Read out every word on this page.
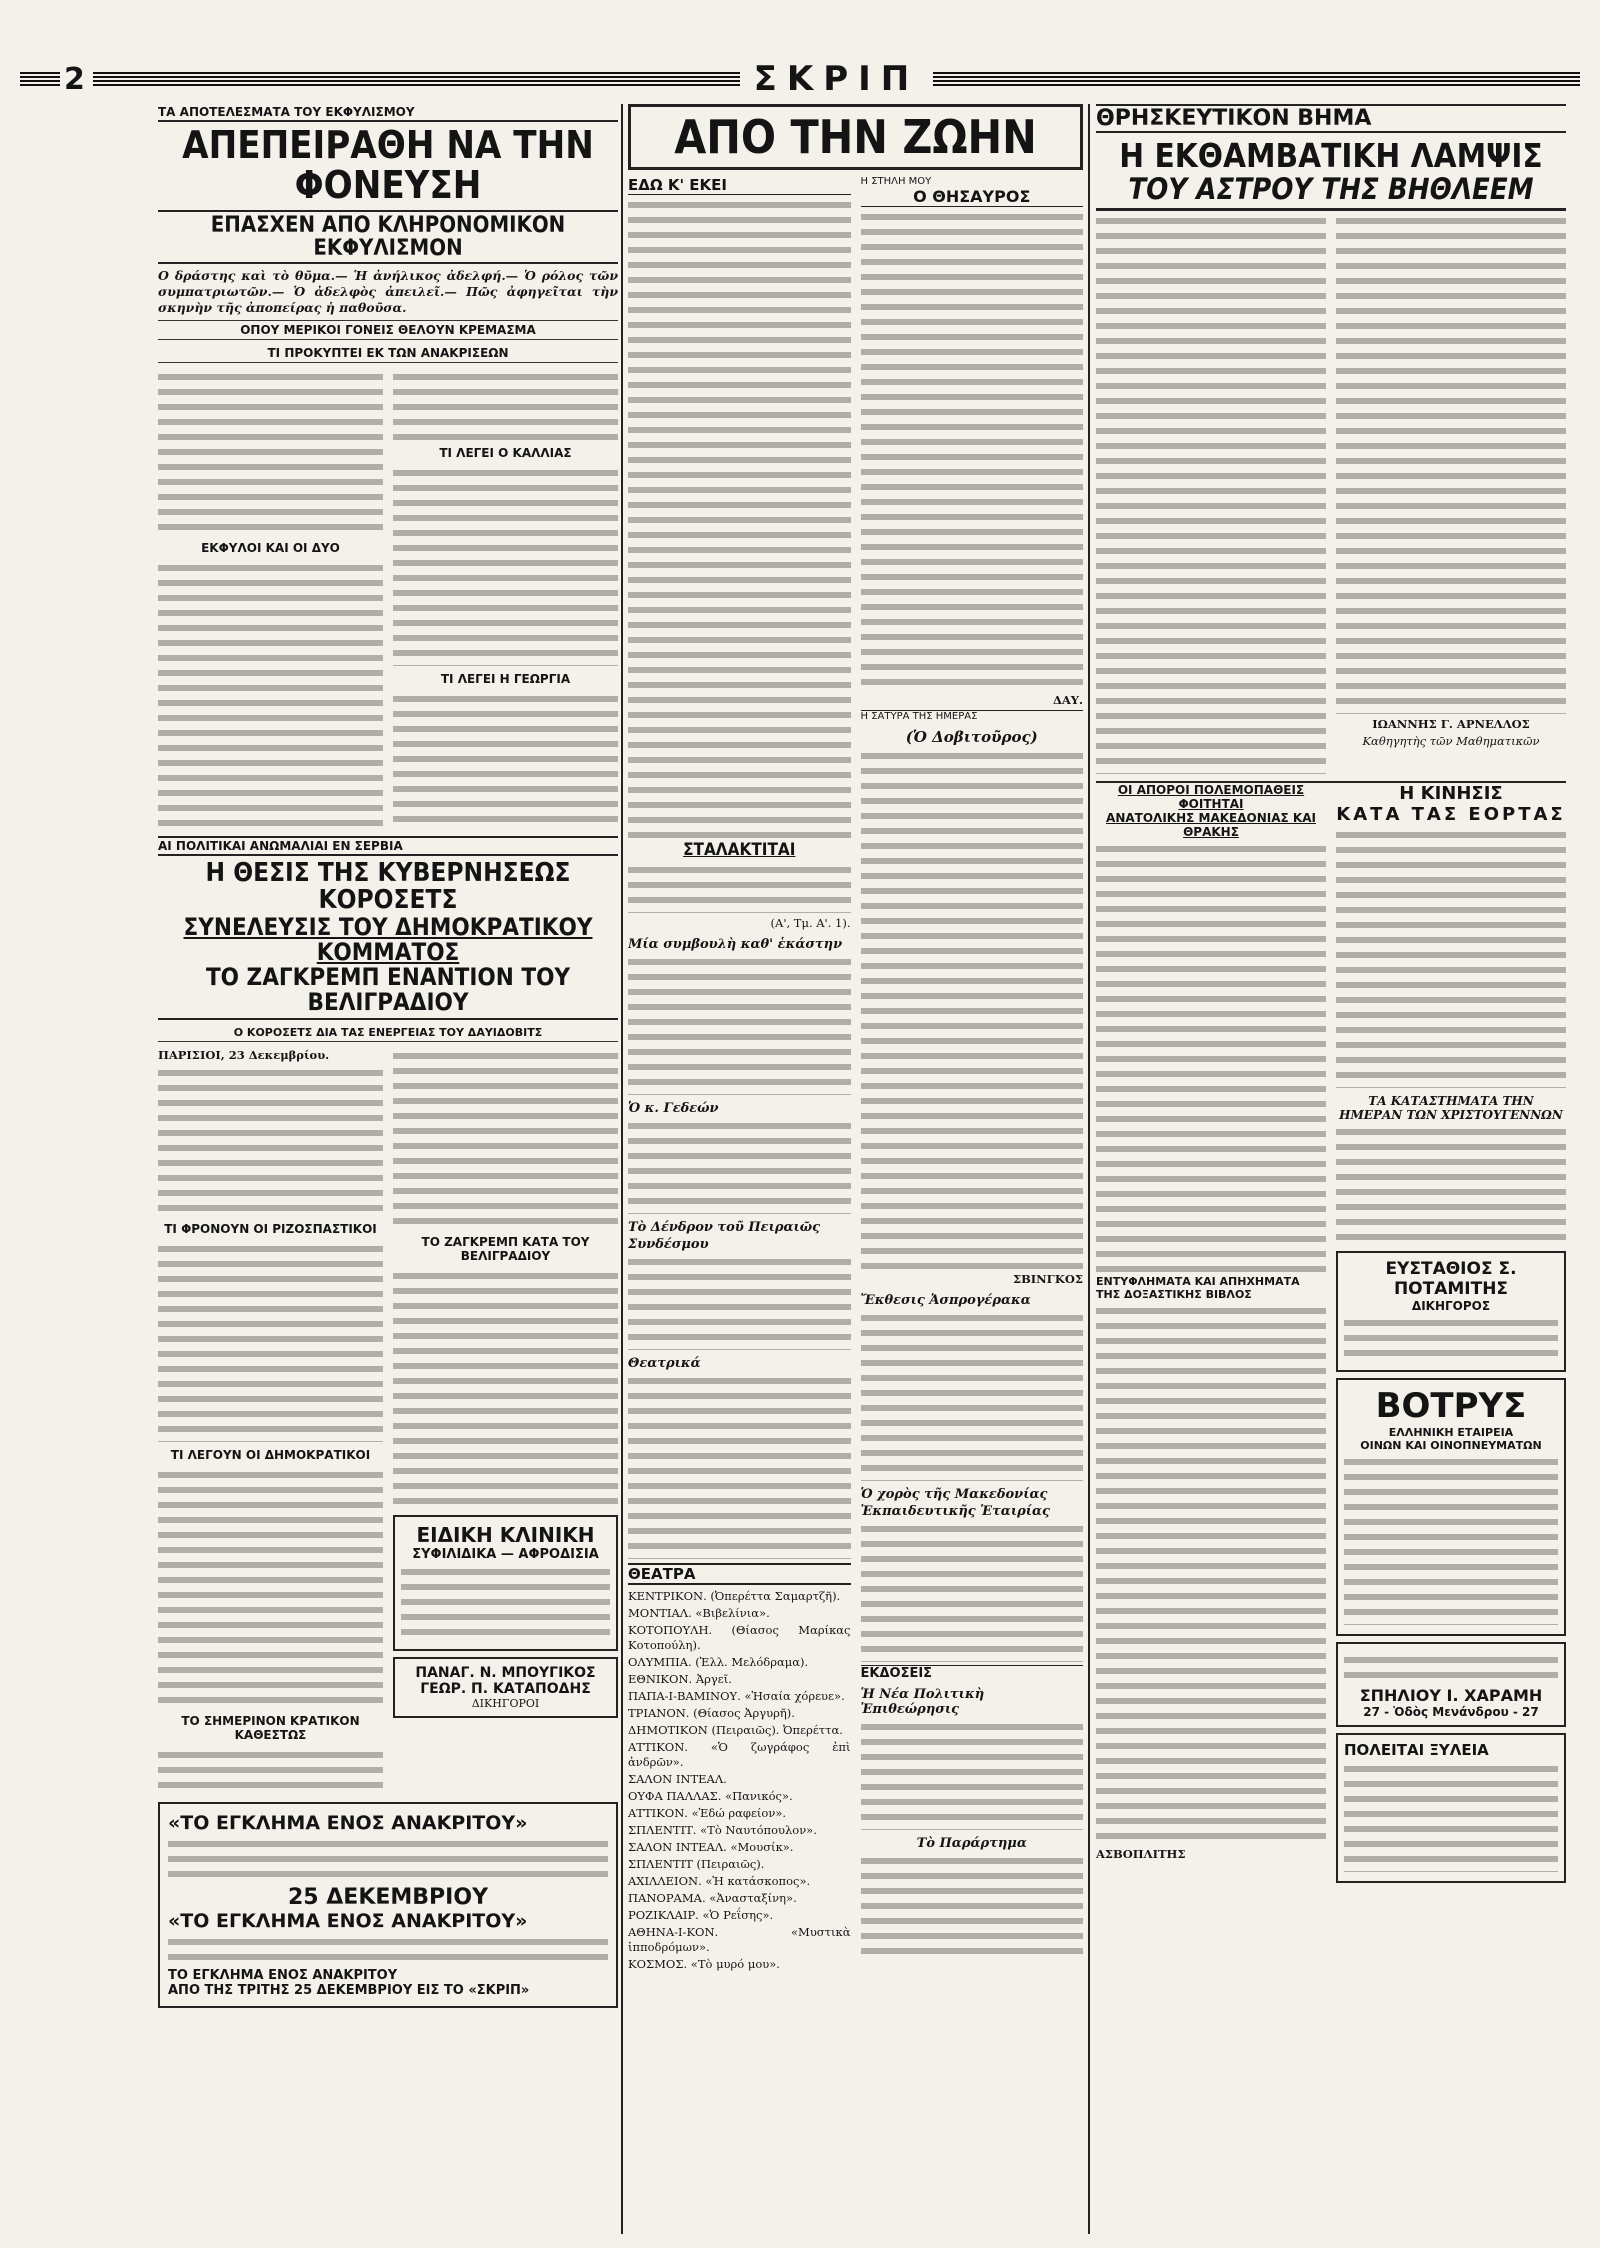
2	ΣΚΡΙΠ
ΤΑ ΑΠΟΤΕΛΕΣΜΑΤΑ ΤΟΥ ΕΚΦΥΛΙΣΜΟΥ
ΑΠΕΠΕΙΡΑΘΗ ΝΑ ΤΗΝ ΦΟΝΕΥΣΗ
ΕΠΑΣΧΕΝ ΑΠΟ ΚΛΗΡΟΝΟΜΙΚΟΝ ΕΚΦΥΛΙΣΜΟΝ
Ο δράστης καὶ τὸ θῦμα.— Ἡ ἀνήλικος ἀδελφή.— Ὁ ρόλος τῶν συμπατριωτῶν.— Ὁ ἀδελφὸς ἀπειλεῖ.— Πῶς ἀφηγεῖται τὴν σκηνὴν τῆς ἀποπείρας ἡ παθοῦσα.
ΟΠΟΥ ΜΕΡΙΚΟΙ ΓΟΝΕΙΣ ΘΕΛΟΥΝ ΚΡΕΜΑΣΜΑ
ΤΙ ΠΡΟΚΥΠΤΕΙ ΕΚ ΤΩΝ ΑΝΑΚΡΙΣΕΩΝ
ΕΚΦΥΛΟΙ ΚΑΙ ΟΙ ΔΥΟ
ΤΙ ΛΕΓΕΙ Ο ΚΑΛΛΙΑΣ
ΤΙ ΛΕΓΕΙ Η ΓΕΩΡΓΙΑ
ΑΙ ΠΟΛΙΤΙΚΑΙ ΑΝΩΜΑΛΙΑΙ ΕΝ ΣΕΡΒΙΑ
Η ΘΕΣΙΣ ΤΗΣ ΚΥΒΕΡΝΗΣΕΩΣ ΚΟΡΟΣΕΤΣ
ΣΥΝΕΛΕΥΣΙΣ ΤΟΥ ΔΗΜΟΚΡΑΤΙΚΟΥ ΚΟΜΜΑΤΟΣ
ΤΟ ΖΑΓΚΡΕΜΠ ΕΝΑΝΤΙΟΝ ΤΟΥ ΒΕΛΙΓΡΑΔΙΟΥ
Ο ΚΟΡΟΣΕΤΣ ΔΙΑ ΤΑΣ ΕΝΕΡΓΕΙΑΣ ΤΟΥ ΔΑΥΙΔΟΒΙΤΣ
ΠΑΡΙΣΙΟΙ, 23 Δεκεμβρίου.
ΤΙ ΦΡΟΝΟΥΝ ΟΙ ΡΙΖΟΣΠΑΣΤΙΚΟΙ
ΤΙ ΛΕΓΟΥΝ ΟΙ ΔΗΜΟΚΡΑΤΙΚΟΙ
ΤΟ ΣΗΜΕΡΙΝΟΝ ΚΡΑΤΙΚΟΝ ΚΑΘΕΣΤΩΣ
ΤΟ ΖΑΓΚΡΕΜΠ ΚΑΤΑ ΤΟΥ ΒΕΛΙΓΡΑΔΙΟΥ
ΕΙΔΙΚΗ ΚΛΙΝΙΚΗ
ΣΥΦΙΛΙΔΙΚΑ — ΑΦΡΟΔΙΣΙΑ
ΠΑΝΑΓ. Ν. ΜΠΟΥΓΙΚΟΣ
ΓΕΩΡ. Π. ΚΑΤΑΠΟΔΗΣ
ΔΙΚΗΓΟΡΟΙ
«ΤΟ ΕΓΚΛΗΜΑ ΕΝΟΣ ΑΝΑΚΡΙΤΟΥ»
25 ΔΕΚΕΜΒΡΙΟΥ
«ΤΟ ΕΓΚΛΗΜΑ ΕΝΟΣ ΑΝΑΚΡΙΤΟΥ»
ΤΟ ΕΓΚΛΗΜΑ ΕΝΟΣ ΑΝΑΚΡΙΤΟΥ
ΑΠΟ ΤΗΣ ΤΡΙΤΗΣ 25 ΔΕΚΕΜΒΡΙΟΥ ΕΙΣ ΤΟ «ΣΚΡΙΠ»
ΑΠΟ ΤΗΝ ΖΩΗΝ
ΕΔΩ Κ' ΕΚΕΙ
ΣΤΑΛΑΚΤΙΤΑΙ
(Α', Τμ. Α'. 1).
Μία συμβουλὴ καθ' ἑκάστην
Ὁ κ. Γεδεών
Τὸ Δένδρον τοῦ Πειραιῶς
Συνδέσμου
Θεατρικά
ΘΕΑΤΡΑ
ΚΕΝΤΡΙΚΟΝ. (Ὀπερέττα Σαμαρτζῆ).
ΜΟΝΤΙΑΛ. «Βιβελίνια».
ΚΟΤΟΠΟΥΛΗ. (Θίασος Μαρίκας Κοτοπούλη).
ΟΛΥΜΠΙΑ. (Ἑλλ. Μελόδραμα).
ΕΘΝΙΚΟΝ. Ἀργεῖ.
ΠΑΠΑ-Ι-ΒΑΜΙΝΟΥ. «Ἡσαία χόρευε».
ΤΡΙΑΝΟΝ. (Θίασος Ἀργυρῆ).
ΔΗΜΟΤΙΚΟΝ (Πειραιῶς). Ὀπερέττα.
ΑΤΤΙΚΟΝ. «Ὁ ζωγράφος ἐπὶ ἀνδρῶν».
ΣΑΛΟΝ ΙΝΤΕΑΛ.
ΟΥΦΑ ΠΑΛΛΑΣ. «Πανικός».
ΑΤΤΙΚΟΝ. «Ἐδώ ραφείον».
ΣΠΛΕΝΤΙΤ. «Τὸ Ναυτόπουλον».
ΣΑΛΟΝ ΙΝΤΕΑΛ. «Μουσίκ».
ΣΠΛΕΝΤΙΤ (Πειραιῶς).
ΑΧΙΛΛΕΙΟΝ. «Ἡ κατάσκοπος».
ΠΑΝΟΡΑΜΑ. «Ἀνασταξίνη».
ΡΟΖΙΚΛΑΙΡ. «Ὁ Ρεΐσης».
ΑΘΗΝΑ-Ι-ΚΟΝ. «Μυστικὰ ἱπποδρόμων».
ΚΟΣΜΟΣ. «Τὸ μυρό μου».
Η ΣΤΗΛΗ ΜΟΥ
Ο ΘΗΣΑΥΡΟΣ
ΔΑΥ.
Η ΣΑΤΥΡΑ ΤΗΣ ΗΜΕΡΑΣ
(Ὁ Δοβιτοῦρος)
ΣΒΙΝΓΚΟΣ
Ἔκθεσις Ἀσπρογέρακα
Ὁ χορὸς τῆς Μακεδονίας
Ἐκπαιδευτικῆς Ἑταιρίας
ΕΚΔΟΣΕΙΣ
Ἡ Νέα Πολιτικὴ Ἐπιθεώρησις
Τὸ Παράρτημα
ΘΡΗΣΚΕΥΤΙΚΟΝ ΒΗΜΑ
Η ΕΚΘΑΜΒΑΤΙΚΗ ΛΑΜΨΙΣ
ΤΟΥ ΑΣΤΡΟΥ ΤΗΣ ΒΗΘΛΕΕΜ
ΙΩΑΝΝΗΣ Γ. ΑΡΝΕΛΛΟΣ
Καθηγητὴς τῶν Μαθηματικῶν
ΟΙ ΑΠΟΡΟΙ ΠΟΛΕΜΟΠΑΘΕΙΣ ΦΟΙΤΗΤΑΙ
ΑΝΑΤΟΛΙΚΗΣ ΜΑΚΕΔΟΝΙΑΣ ΚΑΙ ΘΡΑΚΗΣ
ΕΝΤΥΦΛΗΜΑΤΑ ΚΑΙ ΑΠΗΧΗΜΑΤΑ ΤΗΣ ΔΟΞΑΣΤΙΚΗΣ ΒΙΒΛΟΣ
ΑΣΒΟΠΛΙΤΗΣ
Η ΚΙΝΗΣΙΣ
ΚΑΤΑ ΤΑΣ ΕΟΡΤΑΣ
ΤΑ ΚΑΤΑΣΤΗΜΑΤΑ ΤΗΝ ΗΜΕΡΑΝ ΤΩΝ ΧΡΙΣΤΟΥΓΕΝΝΩΝ
ΕΥΣΤΑΘΙΟΣ Σ. ΠΟΤΑΜΙΤΗΣ
ΔΙΚΗΓΟΡΟΣ
ΒΟΤΡΥΣ
ΕΛΛΗΝΙΚΗ ΕΤΑΙΡΕΙΑ
ΟΙΝΩΝ ΚΑΙ ΟΙΝΟΠΝΕΥΜΑΤΩΝ
ΣΠΗΛΙΟΥ Ι. ΧΑΡΑΜΗ
27 - Ὁδὸς Μενάνδρου - 27
ΠΟΛΕΙΤΑΙ ΞΥΛΕΙΑ
